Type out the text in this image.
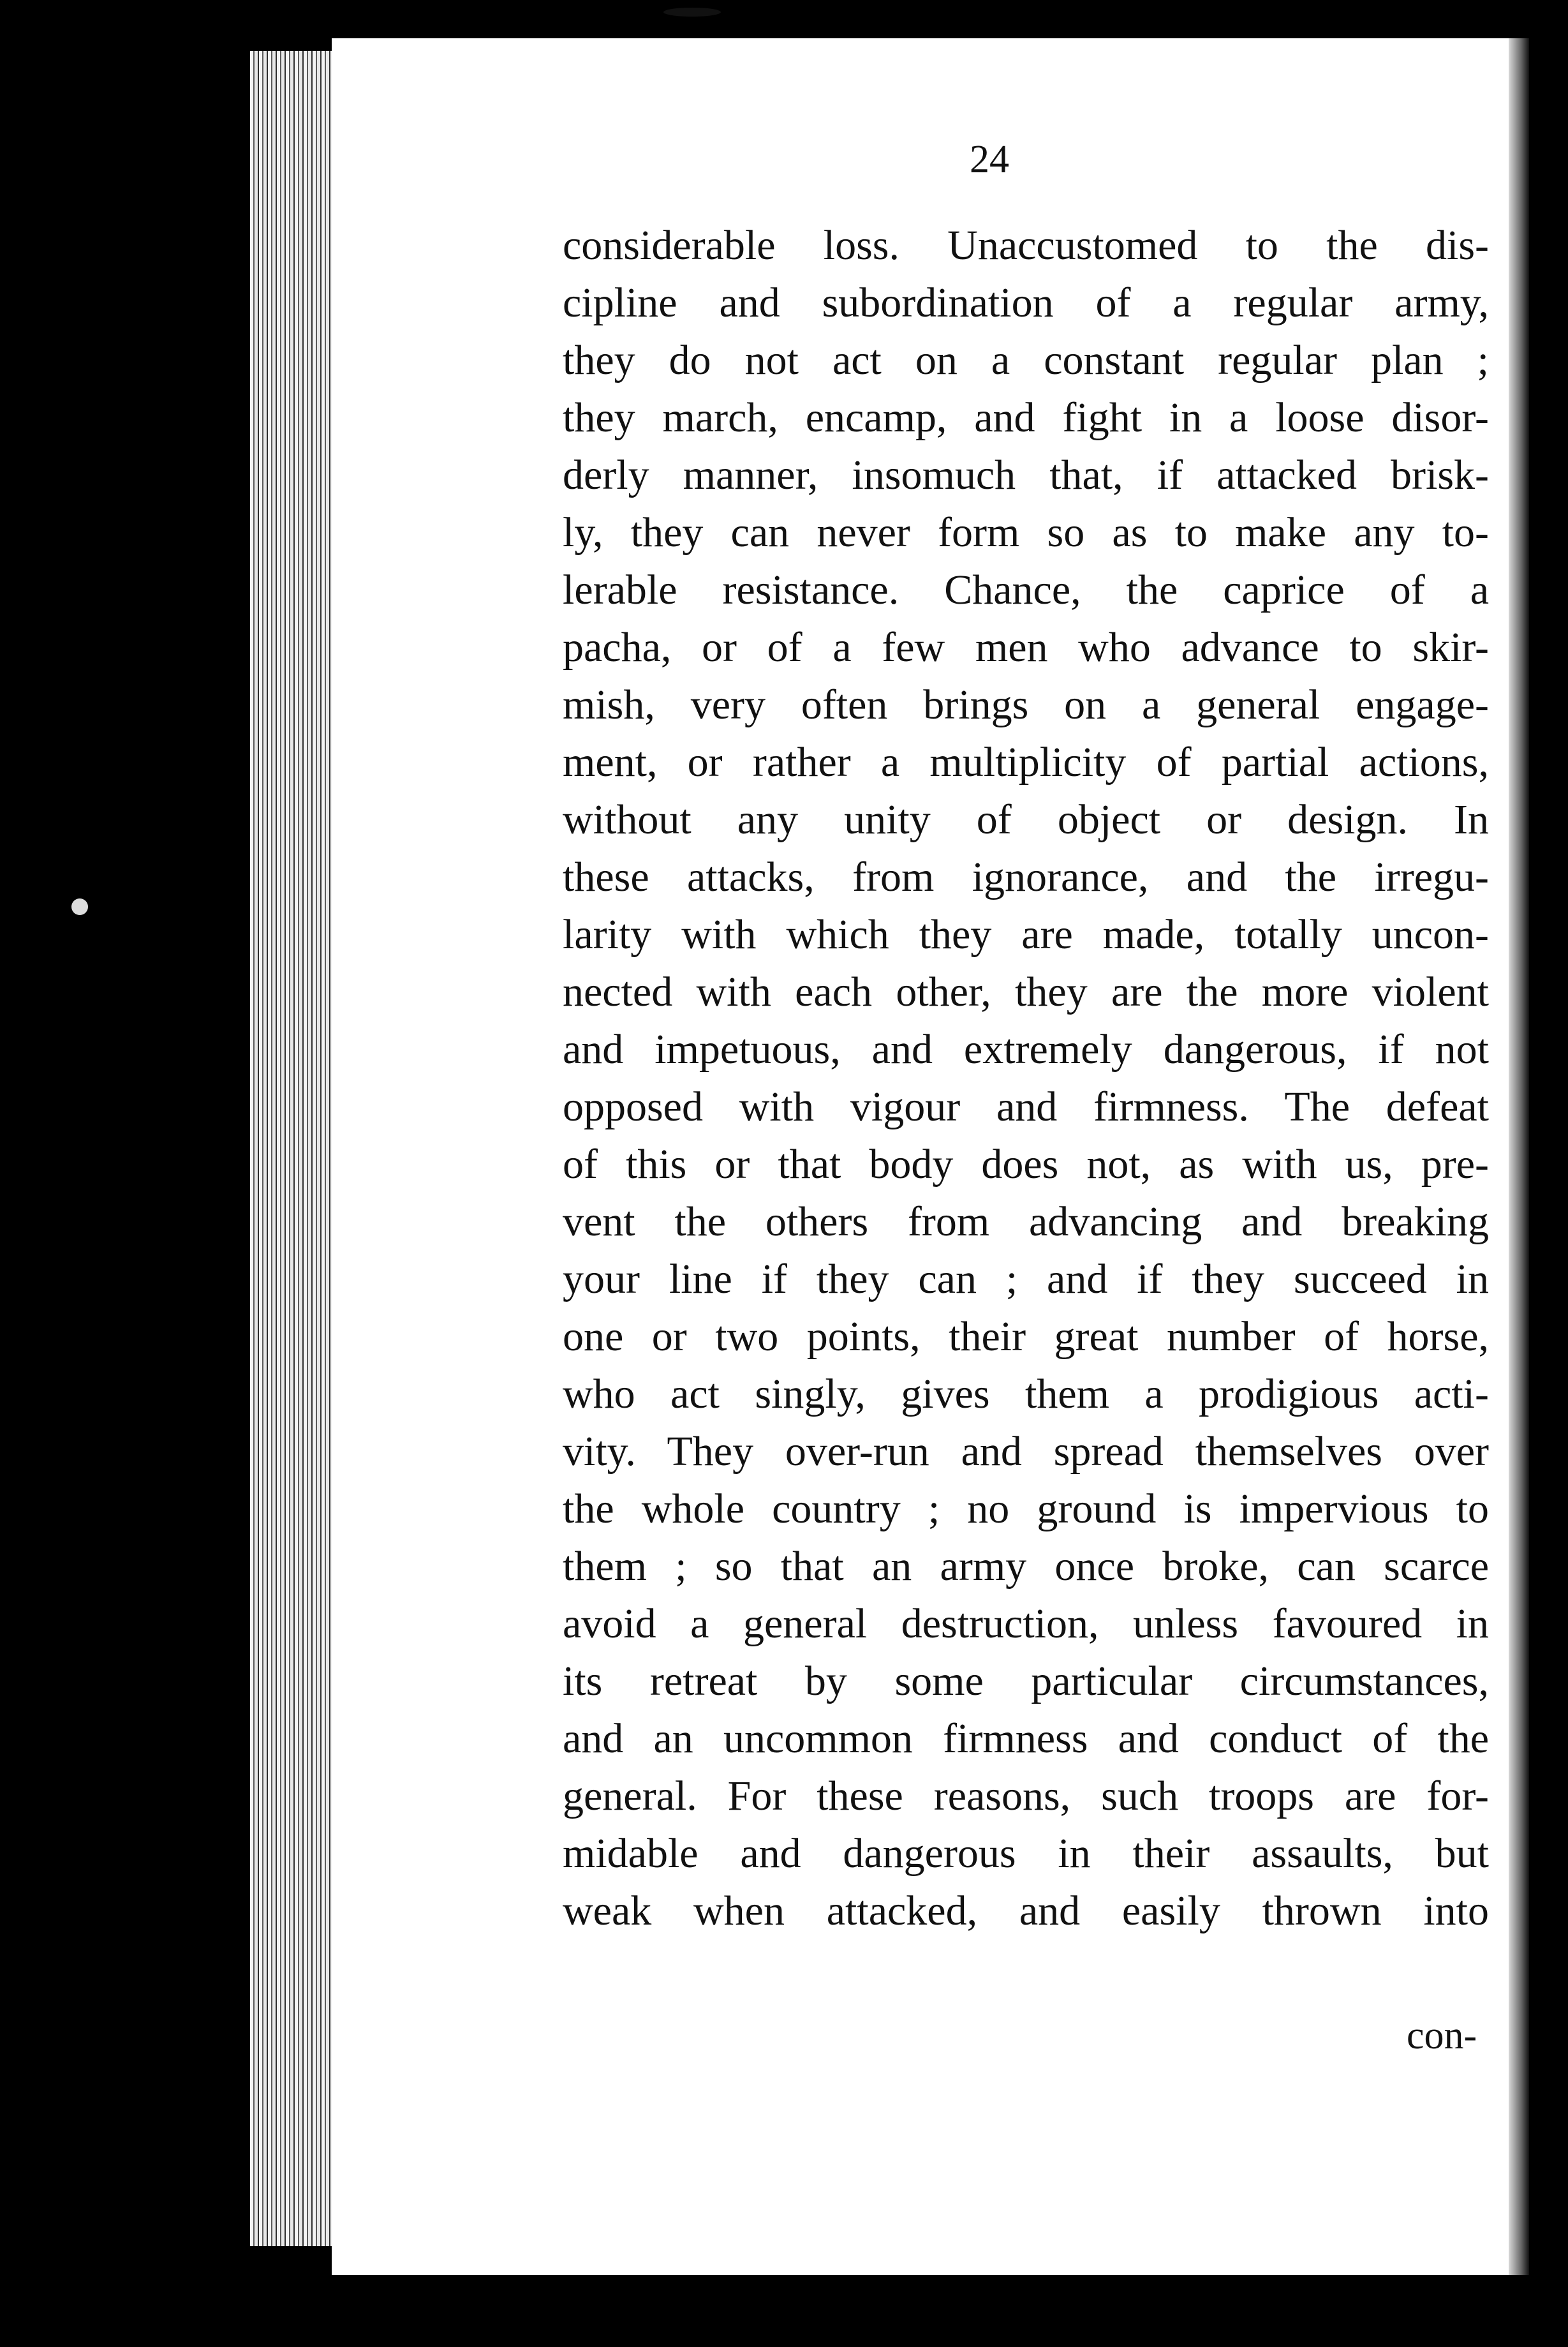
24
considerable loss. Unaccustomed to the dis-
cipline and subordination of a regular army,
they do not act on a constant regular plan ;
they march, encamp, and fight in a loose disor-
derly manner, insomuch that, if attacked brisk-
ly, they can never form so as to make any to-
lerable resistance. Chance, the caprice of a
pacha, or of a few men who advance to skir-
mish, very often brings on a general engage-
ment, or rather a multiplicity of partial actions,
without any unity of object or design. In
these attacks, from ignorance, and the irregu-
larity with which they are made, totally uncon-
nected with each other, they are the more violent
and impetuous, and extremely dangerous, if not
opposed with vigour and firmness. The defeat
of this or that body does not, as with us, pre-
vent the others from advancing and breaking
your line if they can ; and if they succeed in
one or two points, their great number of horse,
who act singly, gives them a prodigious acti-
vity. They over-run and spread themselves over
the whole country ; no ground is impervious to
them ; so that an army once broke, can scarce
avoid a general destruction, unless favoured in
its retreat by some particular circumstances,
and an uncommon firmness and conduct of the
general. For these reasons, such troops are for-
midable and dangerous in their assaults, but
weak when attacked, and easily thrown into
con-
